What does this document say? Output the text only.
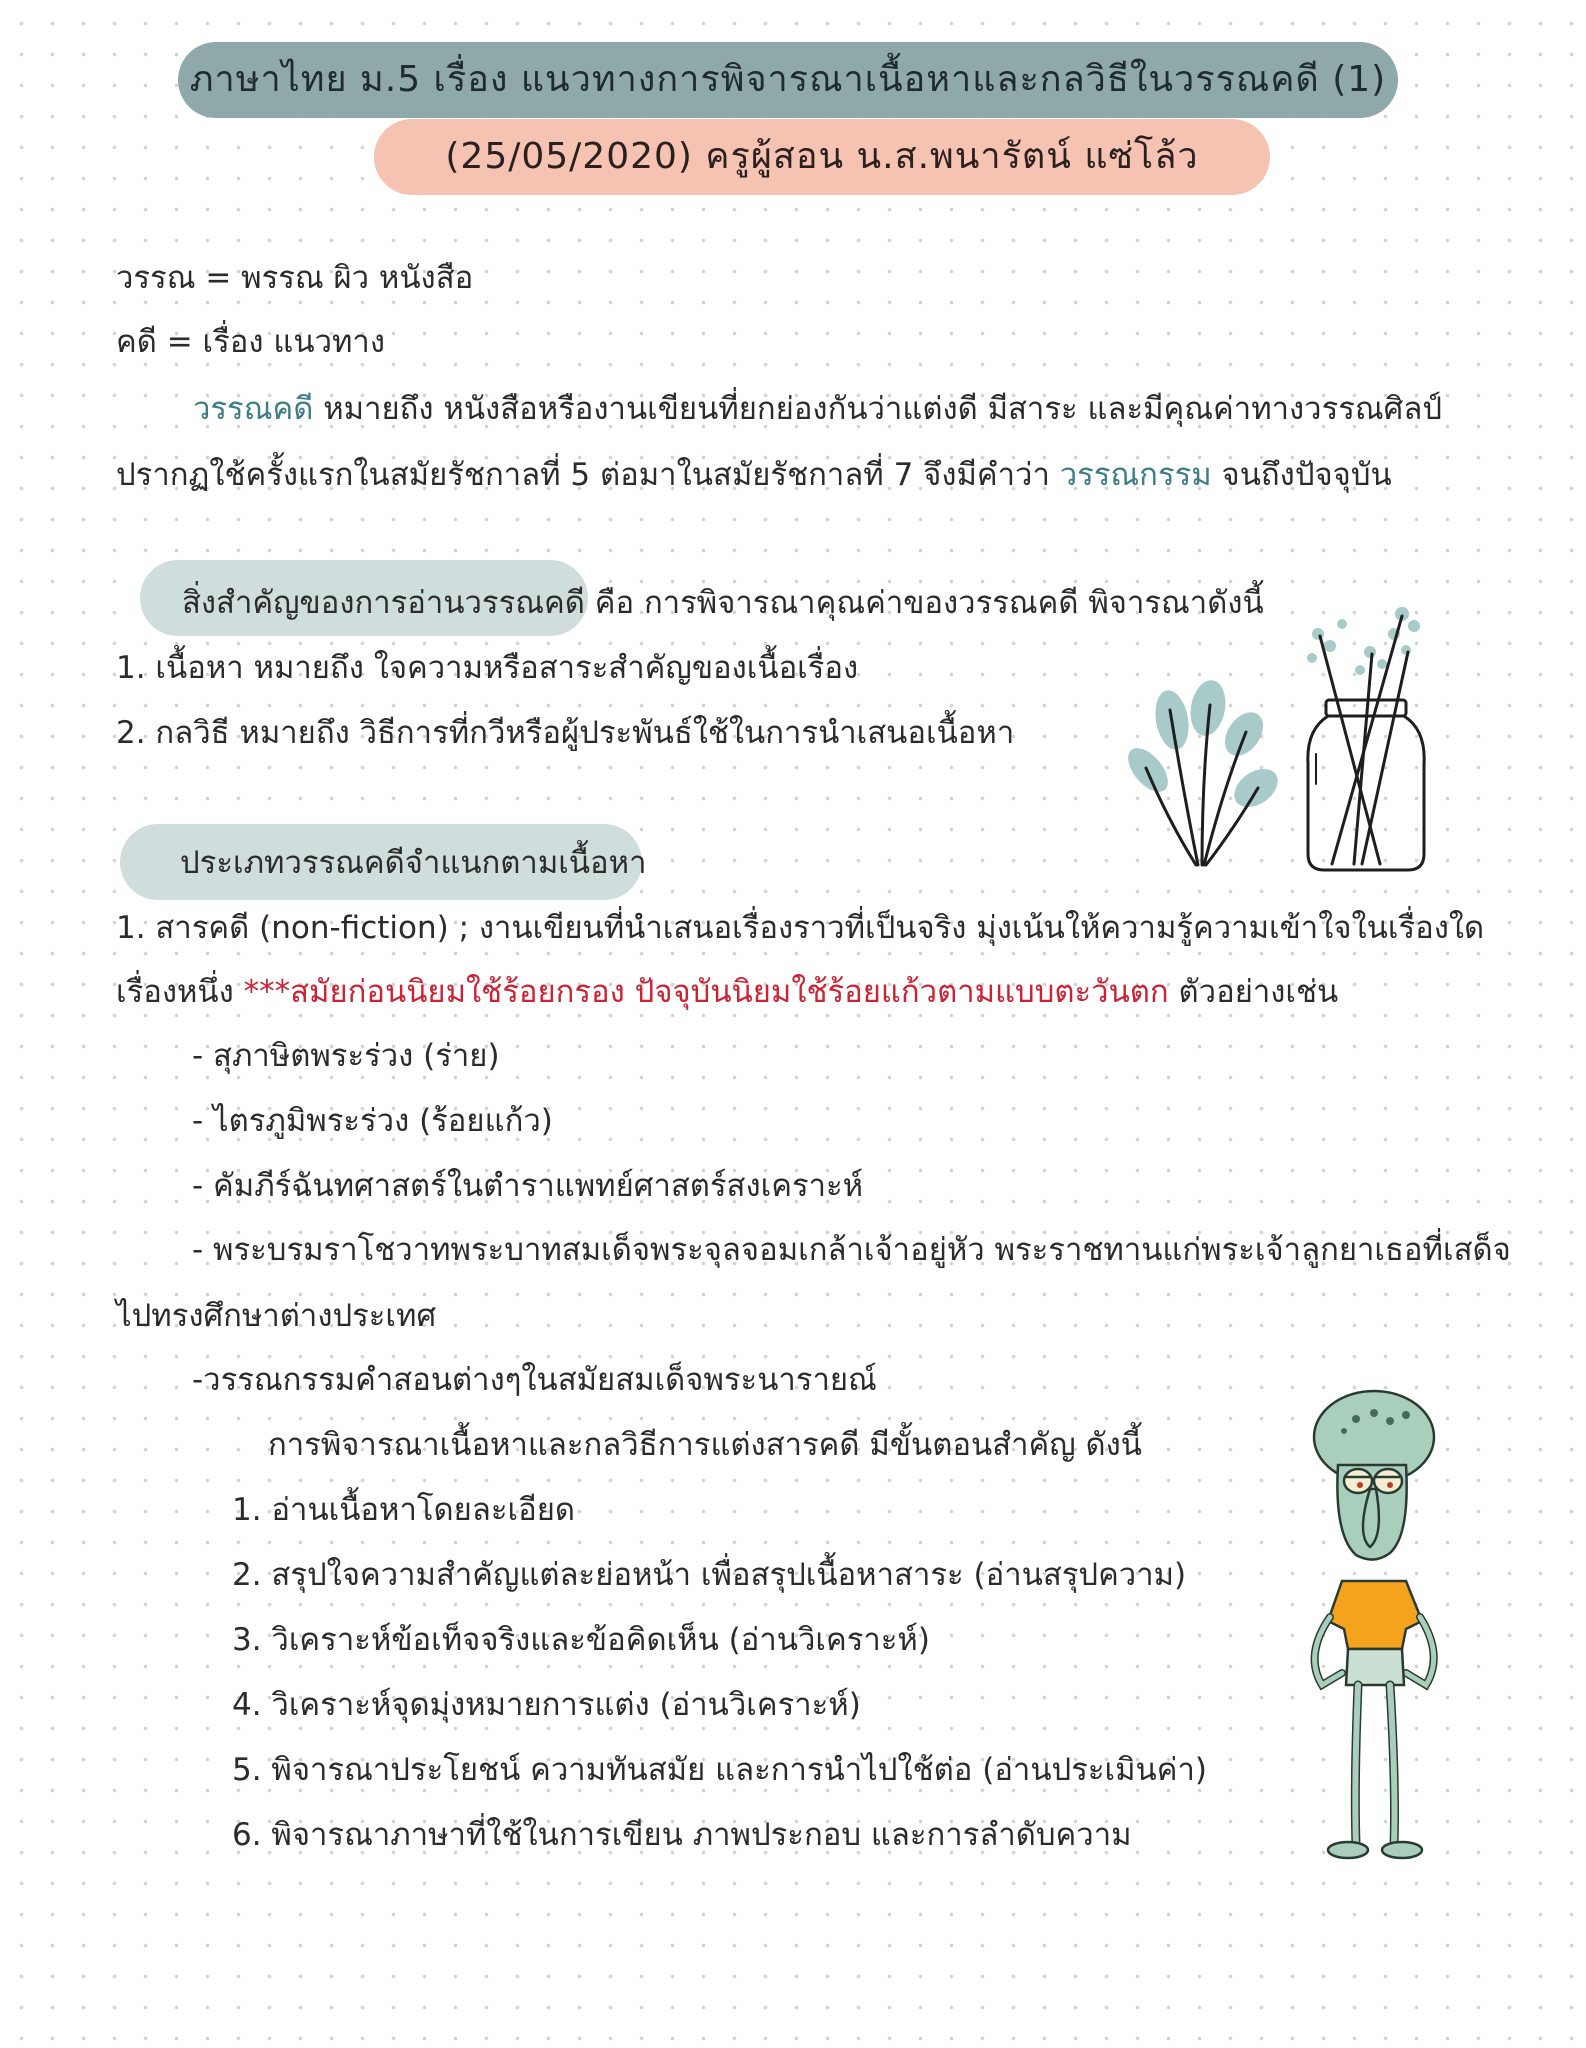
ภาษาไทย ม.5 เรื่อง แนวทางการพิจารณาเนื้อหาและกลวิธีในวรรณคดี (1)
(25/05/2020) ครูผู้สอน น.ส.พนารัตน์ แซ่โล้ว
วรรณ = พรรณ ผิว หนังสือ
คดี = เรื่อง แนวทาง
วรรณคดี หมายถึง หนังสือหรืองานเขียนที่ยกย่องกันว่าแต่งดี มีสาระ และมีคุณค่าทางวรรณศิลป์
ปรากฏใช้ครั้งแรกในสมัยรัชกาลที่ 5 ต่อมาในสมัยรัชกาลที่ 7 จึงมีคำว่า วรรณกรรม จนถึงปัจจุบัน
สิ่งสำคัญของการอ่านวรรณคดี คือ การพิจารณาคุณค่าของวรรณคดี พิจารณาดังนี้
1. เนื้อหา หมายถึง ใจความหรือสาระสำคัญของเนื้อเรื่อง
2. กลวิธี หมายถึง วิธีการที่กวีหรือผู้ประพันธ์ใช้ในการนำเสนอเนื้อหา
ประเภทวรรณคดีจำแนกตามเนื้อหา
1. สารคดี (non-fiction) ; งานเขียนที่นำเสนอเรื่องราวที่เป็นจริง มุ่งเน้นให้ความรู้ความเข้าใจในเรื่องใด
เรื่องหนึ่ง ***สมัยก่อนนิยมใช้ร้อยกรอง ปัจจุบันนิยมใช้ร้อยแก้วตามแบบตะวันตก ตัวอย่างเช่น
- สุภาษิตพระร่วง (ร่าย)
- ไตรภูมิพระร่วง (ร้อยแก้ว)
- คัมภีร์ฉันทศาสตร์ในตำราแพทย์ศาสตร์สงเคราะห์
- พระบรมราโชวาทพระบาทสมเด็จพระจุลจอมเกล้าเจ้าอยู่หัว พระราชทานแก่พระเจ้าลูกยาเธอที่เสด็จ
ไปทรงศึกษาต่างประเทศ
-วรรณกรรมคำสอนต่างๆในสมัยสมเด็จพระนารายณ์
การพิจารณาเนื้อหาและกลวิธีการแต่งสารคดี มีขั้นตอนสำคัญ ดังนี้
1. อ่านเนื้อหาโดยละเอียด
2. สรุปใจความสำคัญแต่ละย่อหน้า เพื่อสรุปเนื้อหาสาระ (อ่านสรุปความ)
3. วิเคราะห์ข้อเท็จจริงและข้อคิดเห็น (อ่านวิเคราะห์)
4. วิเคราะห์จุดมุ่งหมายการแต่ง (อ่านวิเคราะห์)
5. พิจารณาประโยชน์ ความทันสมัย และการนำไปใช้ต่อ (อ่านประเมินค่า)
6. พิจารณาภาษาที่ใช้ในการเขียน ภาพประกอบ และการลำดับความ
